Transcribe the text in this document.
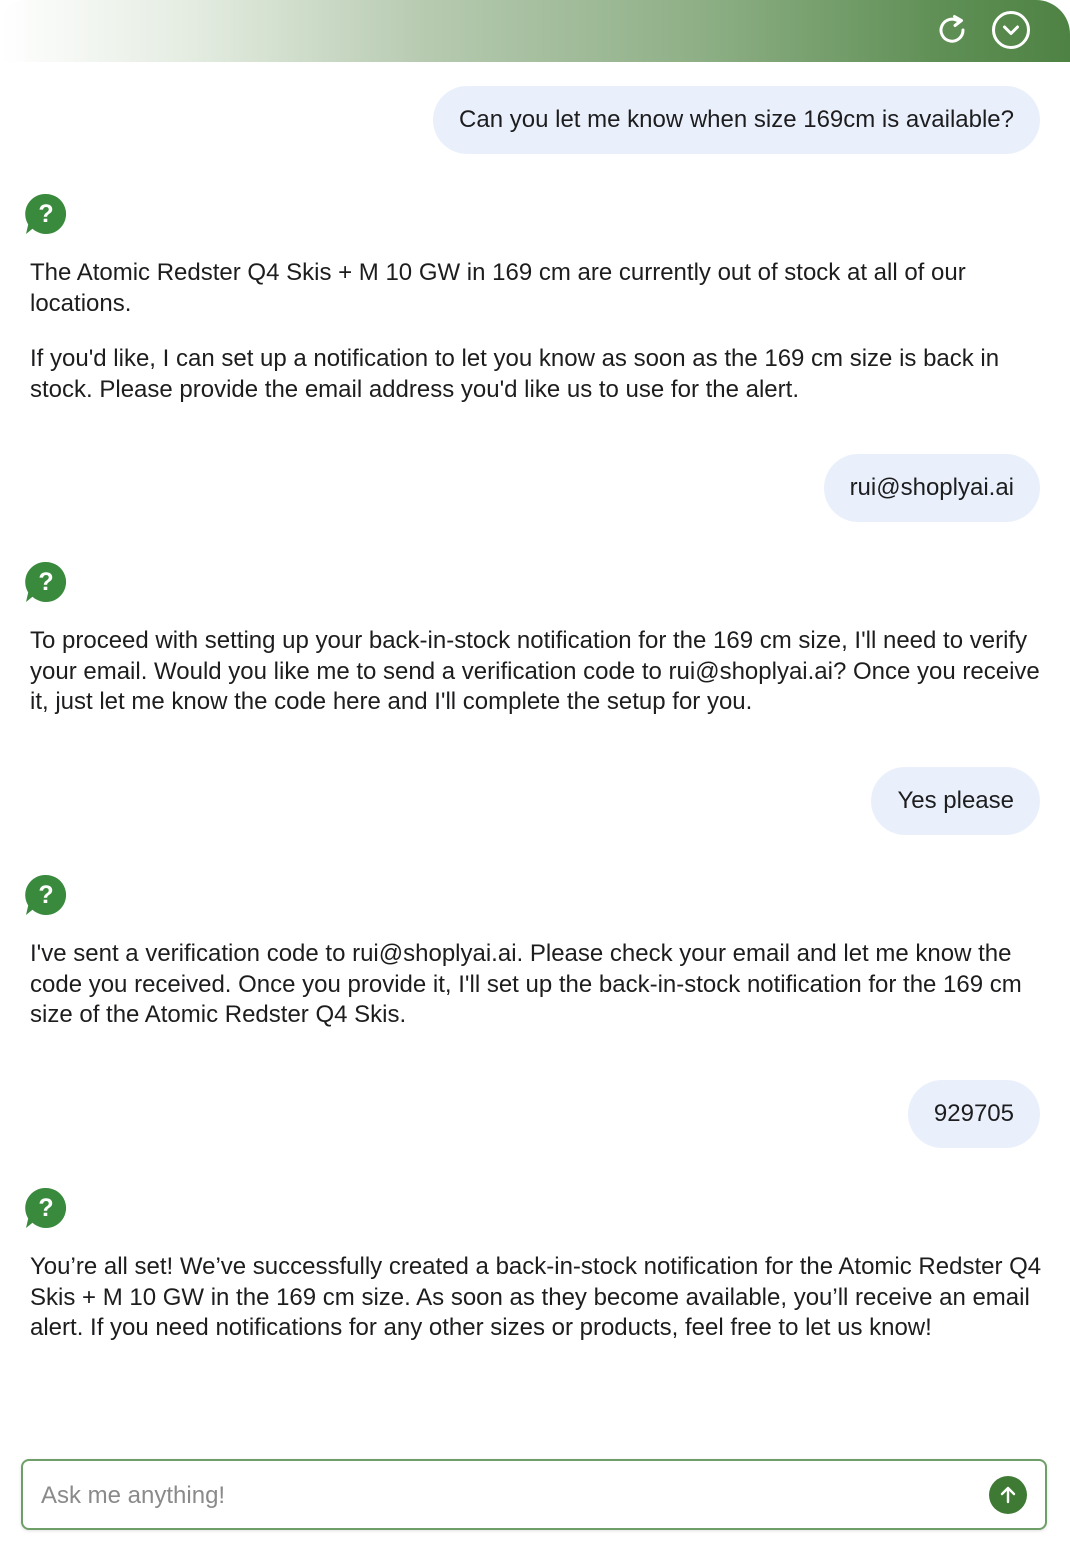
Can you let me know when size 169cm is available?
?

The Atomic Redster Q4 Skis + M 10 GW in 169 cm are currently out of stock at all of our locations.

If you'd like, I can set up a notification to let you know as soon as the 169 cm size is back in stock. Please provide the email address you'd like us to use for the alert.

rui@shoplyai.ai
?

To proceed with setting up your back-in-stock notification for the 169 cm size, I'll need to verify your email. Would you like me to send a verification code to rui@shoplyai.ai? Once you receive it, just let me know the code here and I'll complete the setup for you.

Yes please
?

I've sent a verification code to rui@shoplyai.ai. Please check your email and let me know the code you received. Once you provide it, I'll set up the back-in-stock notification for the 169 cm size of the Atomic Redster Q4 Skis.

929705
?

You’re all set! We’ve successfully created a back-in-stock notification for the Atomic Redster Q4 Skis + M 10 GW in the 169 cm size. As soon as they become available, you’ll receive an email alert. If you need notifications for any other sizes or products, feel free to let us know!

Ask me anything!
